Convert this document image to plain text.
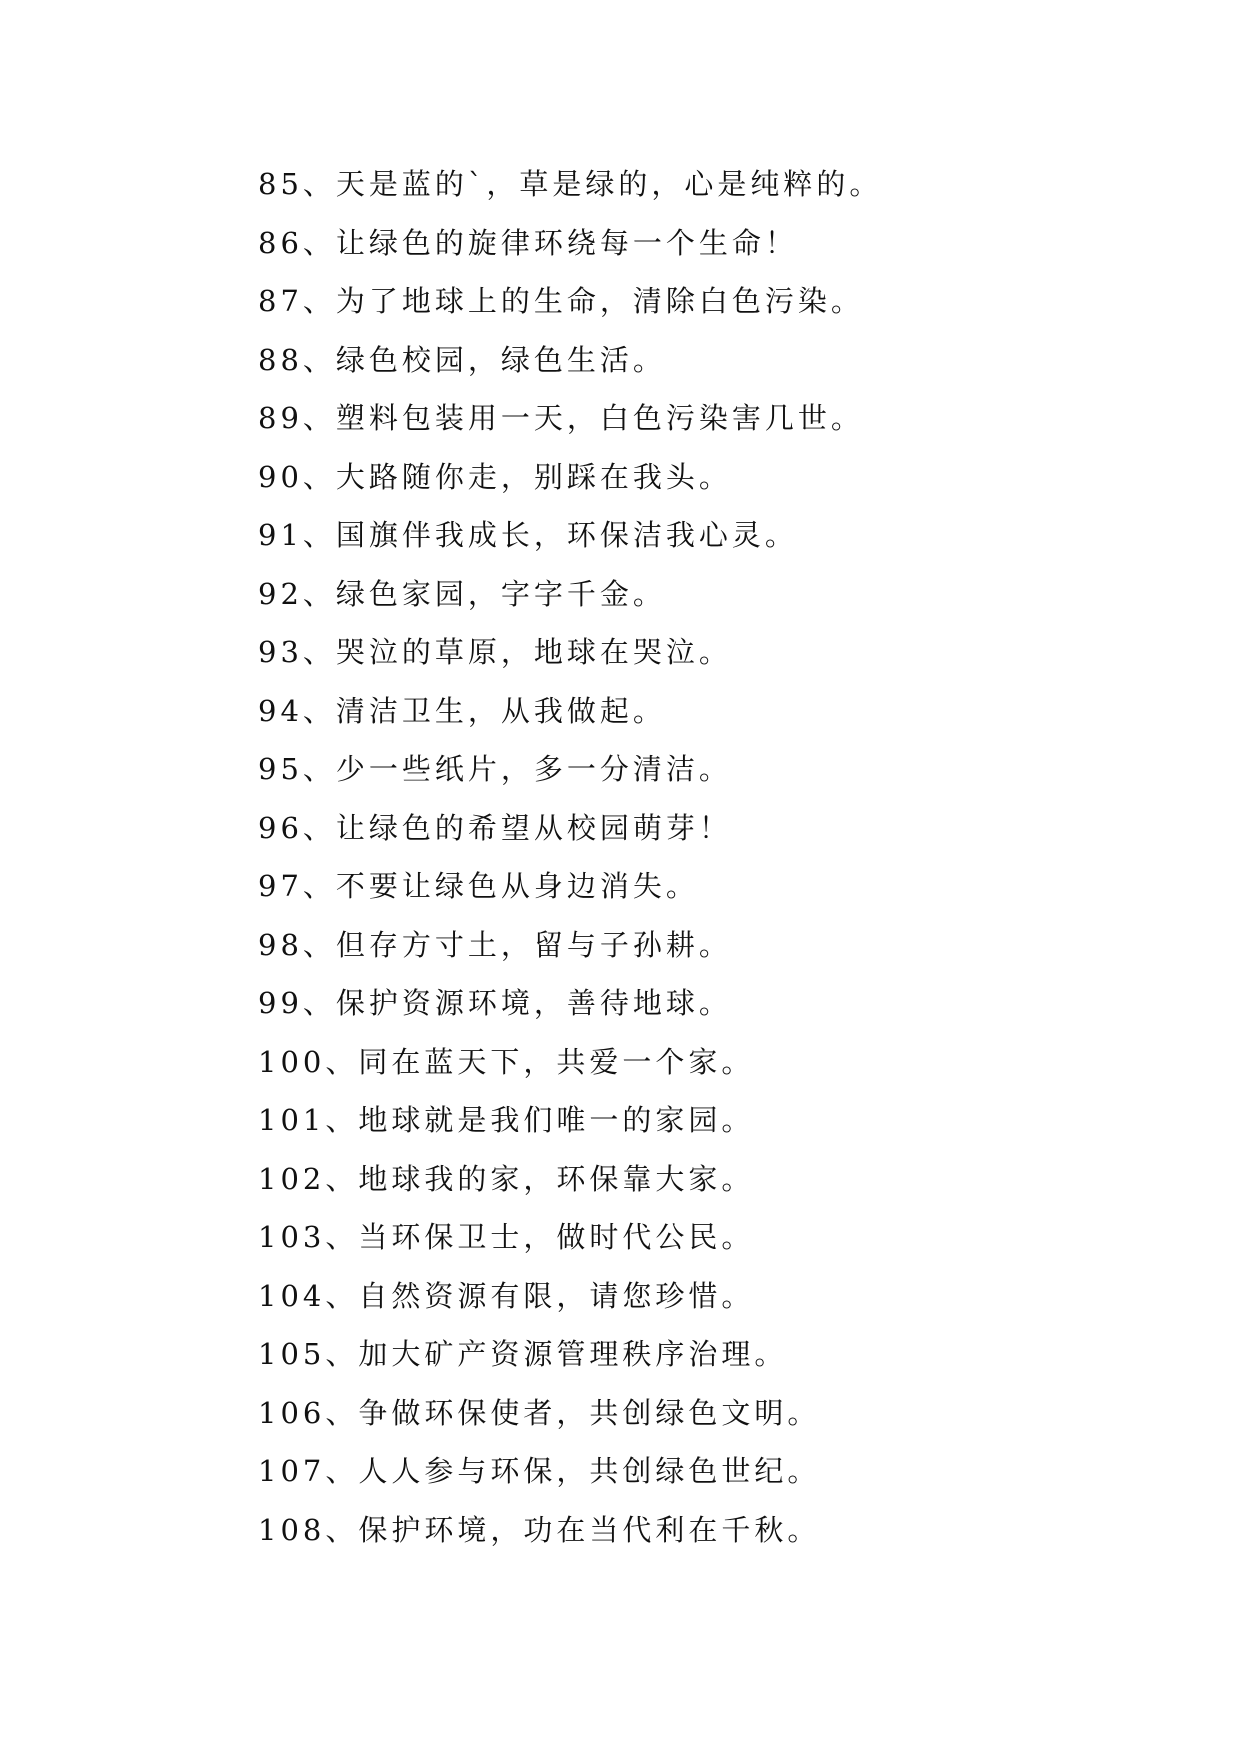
85、天是蓝的`，草是绿的，心是纯粹的。
86、让绿色的旋律环绕每一个生命！
87、为了地球上的生命，清除白色污染。
88、绿色校园，绿色生活。
89、塑料包装用一天，白色污染害几世。
90、大路随你走，别踩在我头。
91、国旗伴我成长，环保洁我心灵。
92、绿色家园，字字千金。
93、哭泣的草原，地球在哭泣。
94、清洁卫生，从我做起。
95、少一些纸片，多一分清洁。
96、让绿色的希望从校园萌芽！
97、不要让绿色从身边消失。
98、但存方寸土，留与子孙耕。
99、保护资源环境，善待地球。
100、同在蓝天下，共爱一个家。
101、地球就是我们唯一的家园。
102、地球我的家，环保靠大家。
103、当环保卫士，做时代公民。
104、自然资源有限，请您珍惜。
105、加大矿产资源管理秩序治理。
106、争做环保使者，共创绿色文明。
107、人人参与环保，共创绿色世纪。
108、保护环境，功在当代利在千秋。
